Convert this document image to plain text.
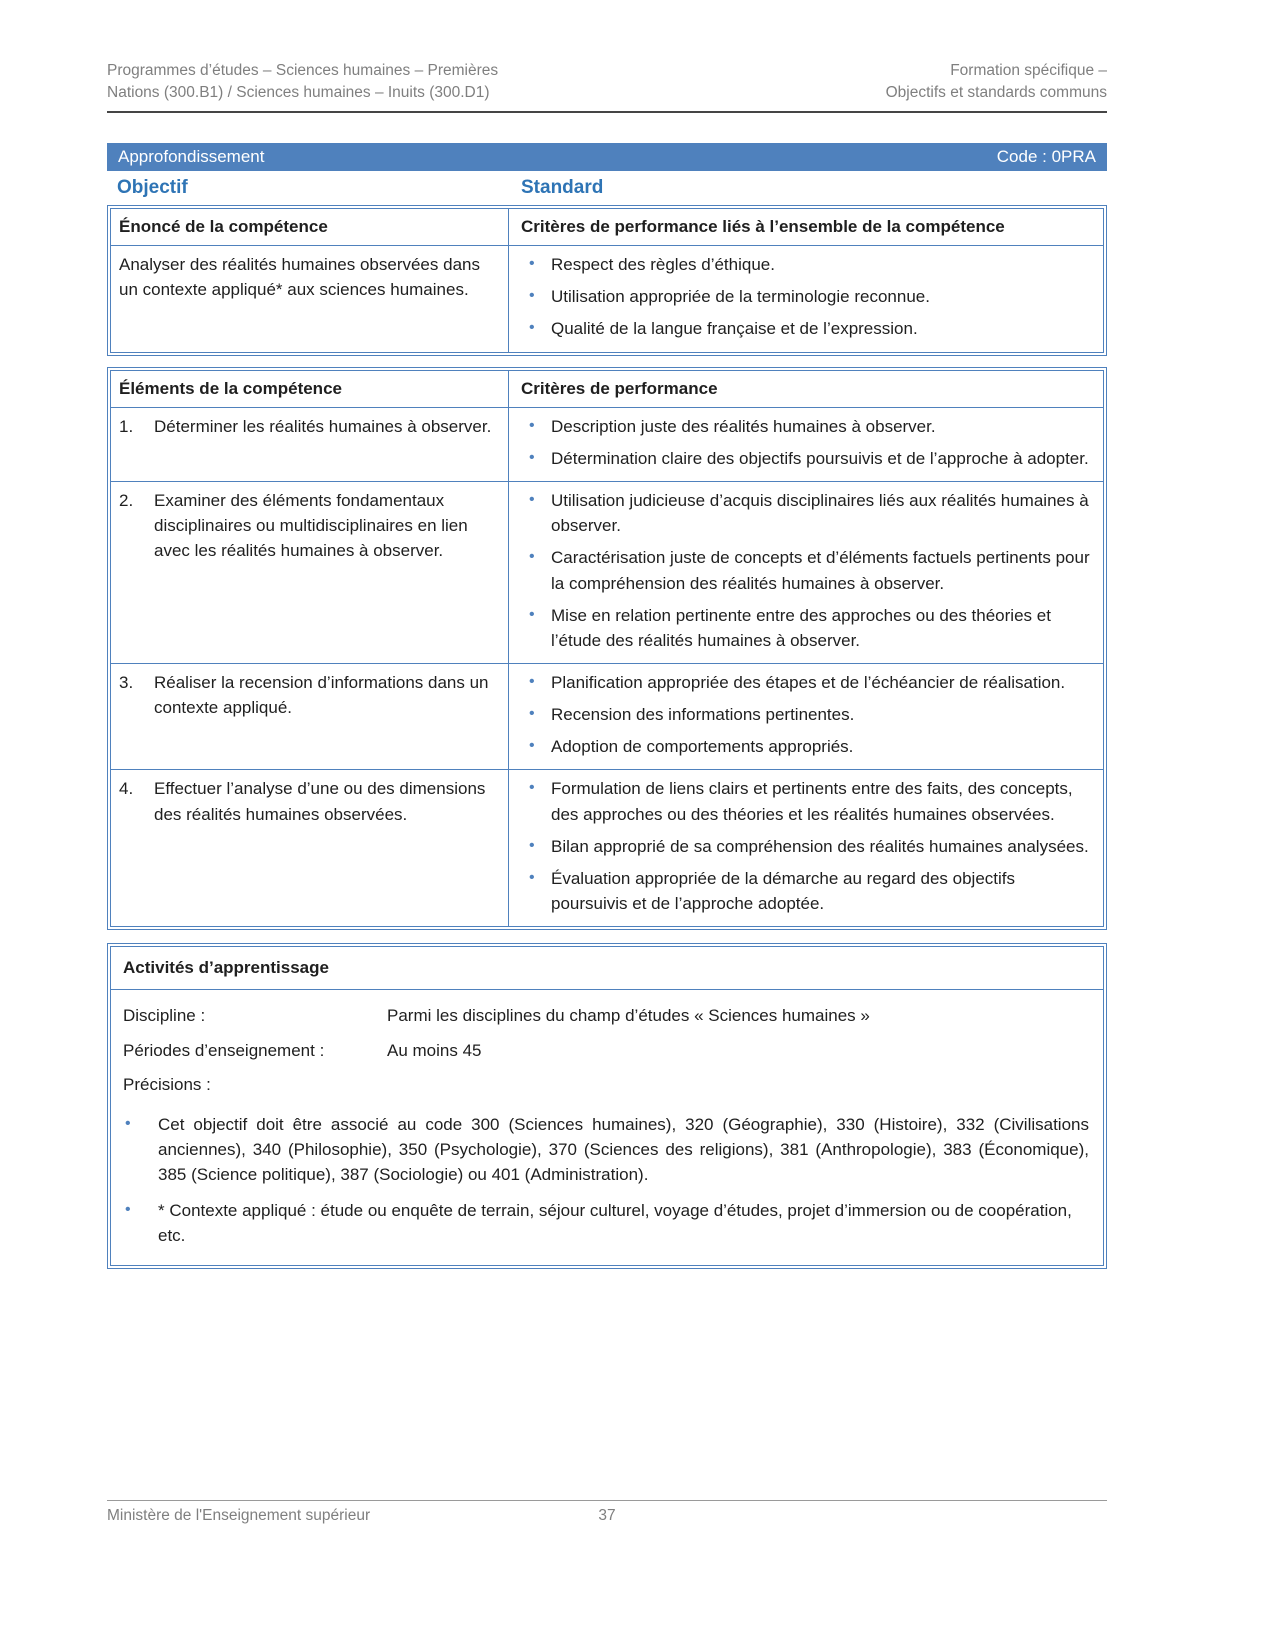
Programmes d’études – Sciences humaines – Premières
Nations (300.B1) / Sciences humaines – Inuits (300.D1)
Formation spécifique –
Objectifs et standards communs
Approfondissement	Code : 0PRA
Objectif	Standard
Énoncé de la compétence	Critères de performance liés à l’ensemble de la compétence

Analyser des réalités humaines observées dans un contexte appliqué* aux sciences humaines.

• Respect des règles d’éthique.
• Utilisation appropriée de la terminologie reconnue.
• Qualité de la langue française et de l’expression.
Éléments de la compétence	Critères de performance
1.	Déterminer les réalités humaines à observer.	• Description juste des réalités humaines à observer.
• Détermination claire des objectifs poursuivis et de l’approche à adopter.
2.	Examiner des éléments fondamentaux disciplinaires ou multidisciplinaires en lien avec les réalités humaines à observer.
• Utilisation judicieuse d’acquis disciplinaires liés aux réalités humaines à observer.
• Caractérisation juste de concepts et d’éléments factuels pertinents pour la compréhension des réalités humaines à observer.
• Mise en relation pertinente entre des approches ou des théories et l’étude des réalités humaines à observer.
3.	Réaliser la recension d’informations dans un contexte appliqué.
• Planification appropriée des étapes et de l’échéancier de réalisation.
• Recension des informations pertinentes.
• Adoption de comportements appropriés.
4.	Effectuer l’analyse d’une ou des dimensions des réalités humaines observées.
• Formulation de liens clairs et pertinents entre des faits, des concepts, des approches ou des théories et les réalités humaines observées.
• Bilan approprié de sa compréhension des réalités humaines analysées.
• Évaluation appropriée de la démarche au regard des objectifs poursuivis et de l’approche adoptée.
Activités d’apprentissage
Discipline :	Parmi les disciplines du champ d’études « Sciences humaines »
Périodes d’enseignement :	Au moins 45
Précisions :
•	Cet objectif doit être associé au code 300 (Sciences humaines), 320 (Géographie), 330 (Histoire), 332 (Civilisations anciennes), 340 (Philosophie), 350 (Psychologie), 370 (Sciences des religions), 381 (Anthropologie), 383 (Économique), 385 (Science politique), 387 (Sociologie) ou 401 (Administration).
•	* Contexte appliqué : étude ou enquête de terrain, séjour culturel, voyage d’études, projet d’immersion ou de coopération, etc.
Ministère de l'Enseignement supérieur	37
